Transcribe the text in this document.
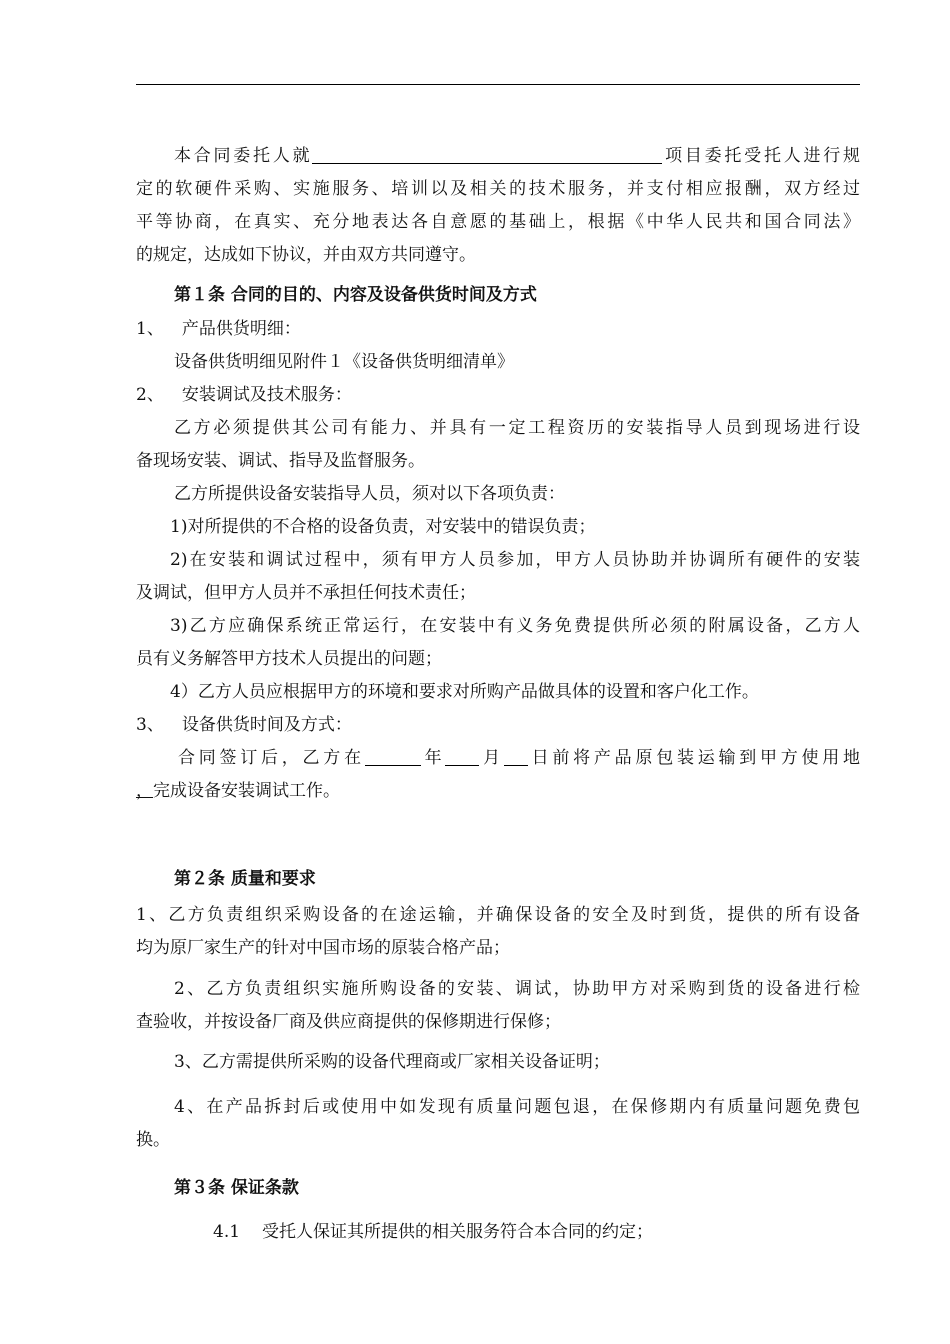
本合同委托人就	项目委托受托人进行规
定的软硬件采购、实施服务、培训以及相关的技术服务，并支付相应报酬，双方经过
平等协商，在真实、充分地表达各自意愿的基础上，根据《中华人民共和国合同法》
的规定，达成如下协议，并由双方共同遵守。
第１条 合同的目的、内容及设备供货时间及方式
1、 产品供货明细：
设备供货明细见附件１《设备供货明细清单》
2、 安装调试及技术服务：
乙方必须提供其公司有能力、并具有一定工程资历的安装指导人员到现场进行设
备现场安装、调试、指导及监督服务。
乙方所提供设备安装指导人员，须对以下各项负责：
1)对所提供的不合格的设备负责，对安装中的错误负责；
2)在安装和调试过程中，须有甲方人员参加，甲方人员协助并协调所有硬件的安装
及调试，但甲方人员并不承担任何技术责任；
3)乙方应确保系统正常运行，在安装中有义务免费提供所必须的附属设备，乙方人
员有义务解答甲方技术人员提出的问题；
4）乙方人员应根据甲方的环境和要求对所购产品做具体的设置和客户化工作。
3、 设备供货时间及方式：
合同签订后，乙方在	年 月 日前将产品原包装运输到甲方使用地
，完成设备安装调试工作。
第２条 质量和要求
1、乙方负责组织采购设备的在途运输，并确保设备的安全及时到货，提供的所有设备
均为原厂家生产的针对中国市场的原装合格产品；
2、乙方负责组织实施所购设备的安装、调试，协助甲方对采购到货的设备进行检
查验收，并按设备厂商及供应商提供的保修期进行保修；
3、乙方需提供所采购的设备代理商或厂家相关设备证明；
4、在产品拆封后或使用中如发现有质量问题包退，在保修期内有质量问题免费包
换。
第３条 保证条款
4.1 受托人保证其所提供的相关服务符合本合同的约定；
